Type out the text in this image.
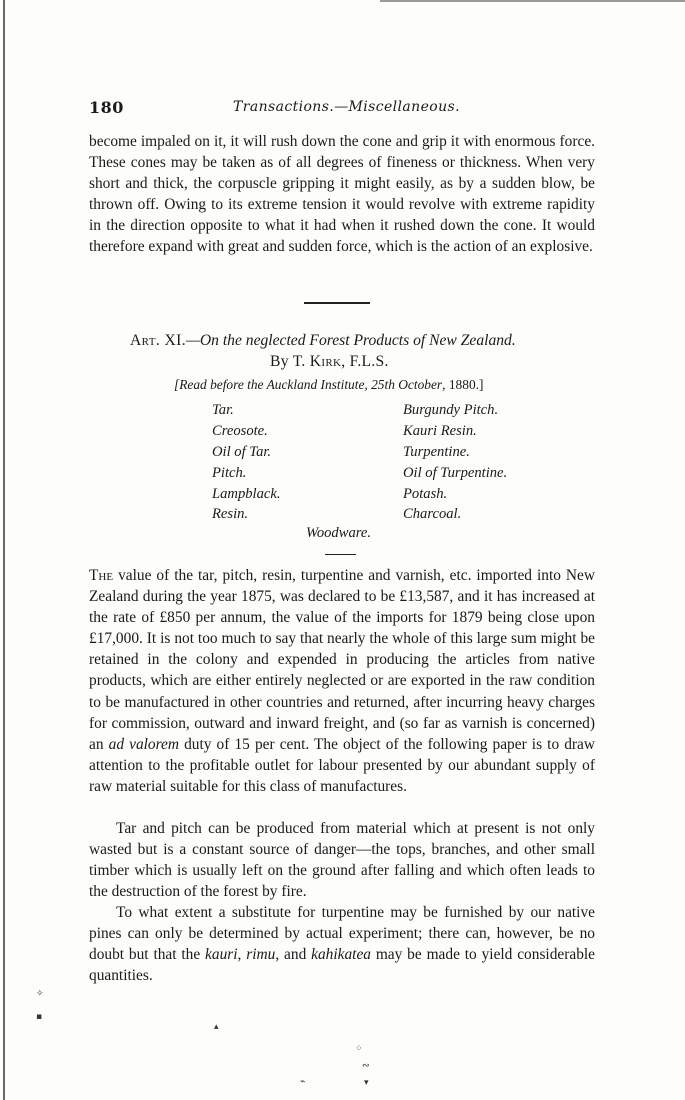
180	Transactions.—Miscellaneous.

become impaled on it, it will rush down the cone and grip it with enormous force. These cones may be taken as of all degrees of fineness or thickness. When very short and thick, the corpuscle gripping it might easily, as by a sudden blow, be thrown off. Owing to its extreme tension it would revolve with extreme rapidity in the direction opposite to what it had when it rushed down the cone. It would therefore expand with great and sudden force, which is the action of an explosive.

Art. XI.—On the neglected Forest Products of New Zealand.
By T. Kirk, F.L.S.
[Read before the Auckland Institute, 25th October, 1880.]
Tar.
Creosote.
Oil of Tar.
Pitch.
Lampblack.
Resin.
Burgundy Pitch.
Kauri Resin.
Turpentine.
Oil of Turpentine.
Potash.
Charcoal.
Woodware.

The value of the tar, pitch, resin, turpentine and varnish, etc. imported into New Zealand during the year 1875, was declared to be £13,587, and it has increased at the rate of £850 per annum, the value of the imports for 1879 being close upon £17,000. It is not too much to say that nearly the whole of this large sum might be retained in the colony and expended in producing the articles from native products, which are either entirely neglected or are exported in the raw condition to be manufactured in other countries and returned, after incurring heavy charges for commission, outward and inward freight, and (so far as varnish is concerned) an ad valorem duty of 15 per cent. The object of the following paper is to draw attention to the profitable outlet for labour presented by our abundant supply of raw material suitable for this class of manufactures.

Tar and pitch can be produced from material which at present is not only wasted but is a constant source of danger—the tops, branches, and other small timber which is usually left on the ground after falling and which often leads to the destruction of the forest by fire.

To what extent a substitute for turpentine may be furnished by our native pines can only be determined by actual experiment; there can, however, be no doubt but that the kauri, rimu, and kahikatea may be made to yield considerable quantities.

✧
▪
▴
⁘
∾
⌁	▾
